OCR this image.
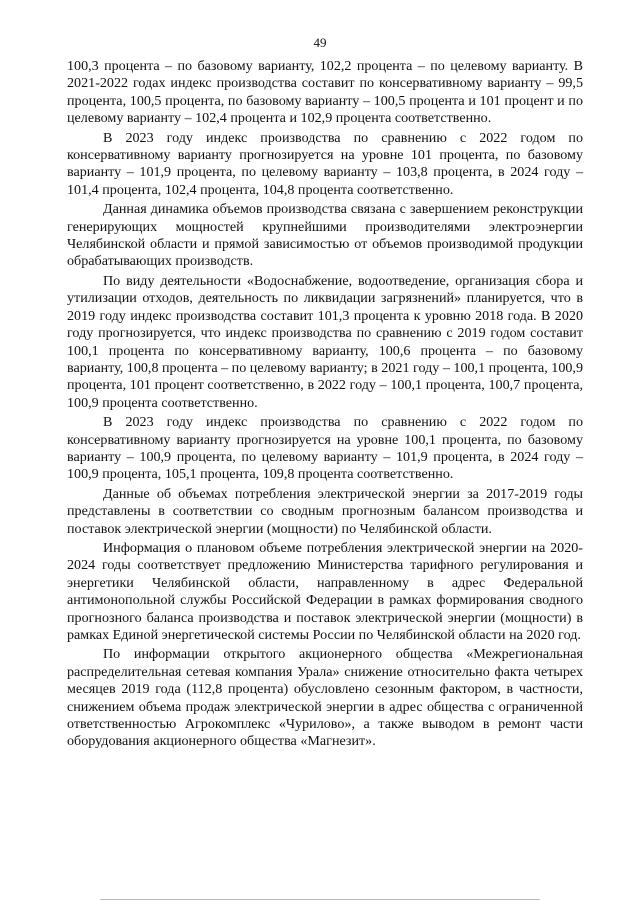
49

100,3 процента – по базовому варианту, 102,2 процента – по целевому варианту. В 2021-2022 годах индекс производства составит по консервативному варианту – 99,5 процента, 100,5 процента, по базовому варианту – 100,5 процента и 101 процент и по целевому варианту – 102,4 процента и 102,9 процента соответственно.

В 2023 году индекс производства по сравнению с 2022 годом по консервативному варианту прогнозируется на уровне 101 процента, по базовому варианту – 101,9 процента, по целевому варианту – 103,8 процента, в 2024 году – 101,4 процента, 102,4 процента, 104,8 процента соответственно.

Данная динамика объемов производства связана с завершением реконструкции генерирующих мощностей крупнейшими производителями электроэнергии Челябинской области и прямой зависимостью от объемов производимой продукции обрабатывающих производств.

По виду деятельности «Водоснабжение, водоотведение, организация сбора и утилизации отходов, деятельность по ликвидации загрязнений» планируется, что в 2019 году индекс производства составит 101,3 процента к уровню 2018 года. В 2020 году прогнозируется, что индекс производства по сравнению с 2019 годом составит 100,1 процента по консервативному варианту, 100,6 процента – по базовому варианту, 100,8 процента – по целевому варианту; в 2021 году – 100,1 процента, 100,9 процента, 101 процент соответственно, в 2022 году – 100,1 процента, 100,7 процента, 100,9 процента соответственно.

В 2023 году индекс производства по сравнению с 2022 годом по консервативному варианту прогнозируется на уровне 100,1 процента, по базовому варианту – 100,9 процента, по целевому варианту – 101,9 процента, в 2024 году – 100,9 процента, 105,1 процента, 109,8 процента соответственно.

Данные об объемах потребления электрической энергии за 2017-2019 годы представлены в соответствии со сводным прогнозным балансом производства и поставок электрической энергии (мощности) по Челябинской области.

Информация о плановом объеме потребления электрической энергии на 2020-2024 годы соответствует предложению Министерства тарифного регулирования и энергетики Челябинской области, направленному в адрес Федеральной антимонопольной службы Российской Федерации в рамках формирования сводного прогнозного баланса производства и поставок электрической энергии (мощности) в рамках Единой энергетической системы России по Челябинской области на 2020 год.

По информации открытого акционерного общества «Межрегиональная распределительная сетевая компания Урала» снижение относительно факта четырех месяцев 2019 года (112,8 процента) обусловлено сезонным фактором, в частности, снижением объема продаж электрической энергии в адрес общества с ограниченной ответственностью Агрокомплекс «Чурилово», а также выводом в ремонт части оборудования акционерного общества «Магнезит».
